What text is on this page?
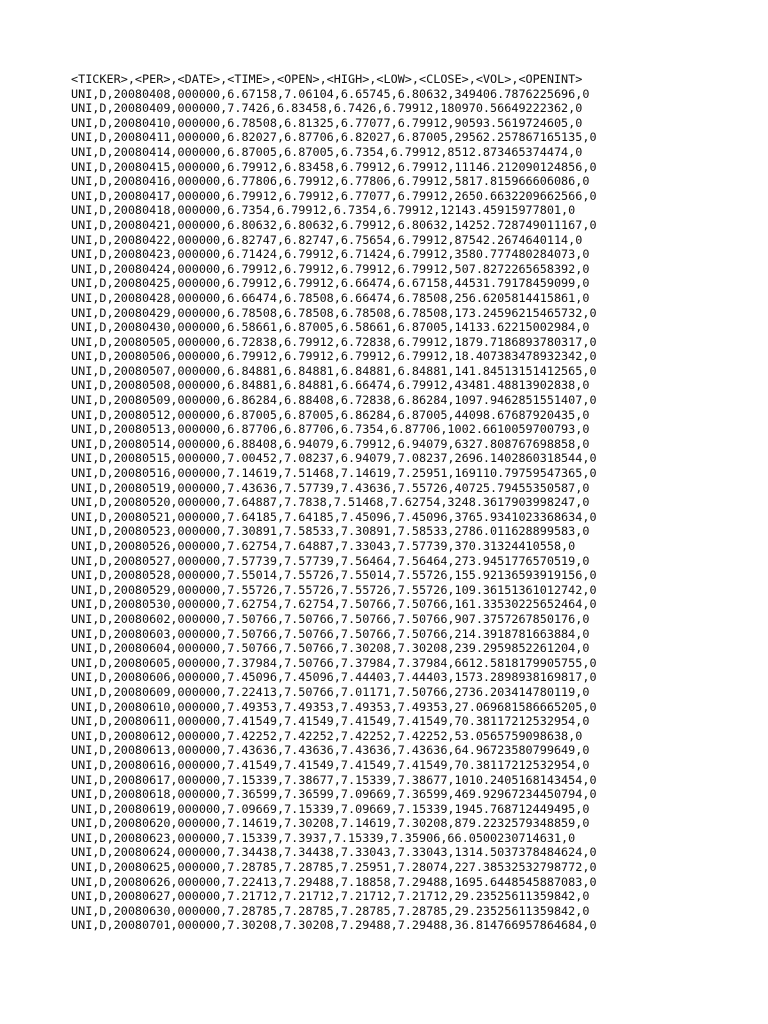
<TICKER>,<PER>,<DATE>,<TIME>,<OPEN>,<HIGH>,<LOW>,<CLOSE>,<VOL>,<OPENINT>
UNI,D,20080408,000000,6.67158,7.06104,6.65745,6.80632,349406.7876225696,0
UNI,D,20080409,000000,7.7426,6.83458,6.7426,6.79912,180970.56649222362,0
UNI,D,20080410,000000,6.78508,6.81325,6.77077,6.79912,90593.5619724605,0
UNI,D,20080411,000000,6.82027,6.87706,6.82027,6.87005,29562.257867165135,0
UNI,D,20080414,000000,6.87005,6.87005,6.7354,6.79912,8512.873465374474,0
UNI,D,20080415,000000,6.79912,6.83458,6.79912,6.79912,11146.212090124856,0
UNI,D,20080416,000000,6.77806,6.79912,6.77806,6.79912,5817.815966606086,0
UNI,D,20080417,000000,6.79912,6.79912,6.77077,6.79912,2650.6632209662566,0
UNI,D,20080418,000000,6.7354,6.79912,6.7354,6.79912,12143.45915977801,0
UNI,D,20080421,000000,6.80632,6.80632,6.79912,6.80632,14252.728749011167,0
UNI,D,20080422,000000,6.82747,6.82747,6.75654,6.79912,87542.2674640114,0
UNI,D,20080423,000000,6.71424,6.79912,6.71424,6.79912,3580.777480284073,0
UNI,D,20080424,000000,6.79912,6.79912,6.79912,6.79912,507.8272265658392,0
UNI,D,20080425,000000,6.79912,6.79912,6.66474,6.67158,44531.79178459099,0
UNI,D,20080428,000000,6.66474,6.78508,6.66474,6.78508,256.6205814415861,0
UNI,D,20080429,000000,6.78508,6.78508,6.78508,6.78508,173.24596215465732,0
UNI,D,20080430,000000,6.58661,6.87005,6.58661,6.87005,14133.62215002984,0
UNI,D,20080505,000000,6.72838,6.79912,6.72838,6.79912,1879.7186893780317,0
UNI,D,20080506,000000,6.79912,6.79912,6.79912,6.79912,18.407383478932342,0
UNI,D,20080507,000000,6.84881,6.84881,6.84881,6.84881,141.84513151412565,0
UNI,D,20080508,000000,6.84881,6.84881,6.66474,6.79912,43481.48813902838,0
UNI,D,20080509,000000,6.86284,6.88408,6.72838,6.86284,1097.9462851551407,0
UNI,D,20080512,000000,6.87005,6.87005,6.86284,6.87005,44098.67687920435,0
UNI,D,20080513,000000,6.87706,6.87706,6.7354,6.87706,1002.6610059700793,0
UNI,D,20080514,000000,6.88408,6.94079,6.79912,6.94079,6327.808767698858,0
UNI,D,20080515,000000,7.00452,7.08237,6.94079,7.08237,2696.1402860318544,0
UNI,D,20080516,000000,7.14619,7.51468,7.14619,7.25951,169110.79759547365,0
UNI,D,20080519,000000,7.43636,7.57739,7.43636,7.55726,40725.79455350587,0
UNI,D,20080520,000000,7.64887,7.7838,7.51468,7.62754,3248.3617903998247,0
UNI,D,20080521,000000,7.64185,7.64185,7.45096,7.45096,3765.9341023368634,0
UNI,D,20080523,000000,7.30891,7.58533,7.30891,7.58533,2786.011628899583,0
UNI,D,20080526,000000,7.62754,7.64887,7.33043,7.57739,370.31324410558,0
UNI,D,20080527,000000,7.57739,7.57739,7.56464,7.56464,273.9451776570519,0
UNI,D,20080528,000000,7.55014,7.55726,7.55014,7.55726,155.92136593919156,0
UNI,D,20080529,000000,7.55726,7.55726,7.55726,7.55726,109.36151361012742,0
UNI,D,20080530,000000,7.62754,7.62754,7.50766,7.50766,161.33530225652464,0
UNI,D,20080602,000000,7.50766,7.50766,7.50766,7.50766,907.3757267850176,0
UNI,D,20080603,000000,7.50766,7.50766,7.50766,7.50766,214.3918781663884,0
UNI,D,20080604,000000,7.50766,7.50766,7.30208,7.30208,239.2959852261204,0
UNI,D,20080605,000000,7.37984,7.50766,7.37984,7.37984,6612.5818179905755,0
UNI,D,20080606,000000,7.45096,7.45096,7.44403,7.44403,1573.2898938169817,0
UNI,D,20080609,000000,7.22413,7.50766,7.01171,7.50766,2736.203414780119,0
UNI,D,20080610,000000,7.49353,7.49353,7.49353,7.49353,27.069681586665205,0
UNI,D,20080611,000000,7.41549,7.41549,7.41549,7.41549,70.38117212532954,0
UNI,D,20080612,000000,7.42252,7.42252,7.42252,7.42252,53.0565759098638,0
UNI,D,20080613,000000,7.43636,7.43636,7.43636,7.43636,64.96723580799649,0
UNI,D,20080616,000000,7.41549,7.41549,7.41549,7.41549,70.38117212532954,0
UNI,D,20080617,000000,7.15339,7.38677,7.15339,7.38677,1010.2405168143454,0
UNI,D,20080618,000000,7.36599,7.36599,7.09669,7.36599,469.92967234450794,0
UNI,D,20080619,000000,7.09669,7.15339,7.09669,7.15339,1945.768712449495,0
UNI,D,20080620,000000,7.14619,7.30208,7.14619,7.30208,879.2232579348859,0
UNI,D,20080623,000000,7.15339,7.3937,7.15339,7.35906,66.0500230714631,0
UNI,D,20080624,000000,7.34438,7.34438,7.33043,7.33043,1314.5037378484624,0
UNI,D,20080625,000000,7.28785,7.28785,7.25951,7.28074,227.38532532798772,0
UNI,D,20080626,000000,7.22413,7.29488,7.18858,7.29488,1695.6448545887083,0
UNI,D,20080627,000000,7.21712,7.21712,7.21712,7.21712,29.23525611359842,0
UNI,D,20080630,000000,7.28785,7.28785,7.28785,7.28785,29.23525611359842,0
UNI,D,20080701,000000,7.30208,7.30208,7.29488,7.29488,36.814766957864684,0
